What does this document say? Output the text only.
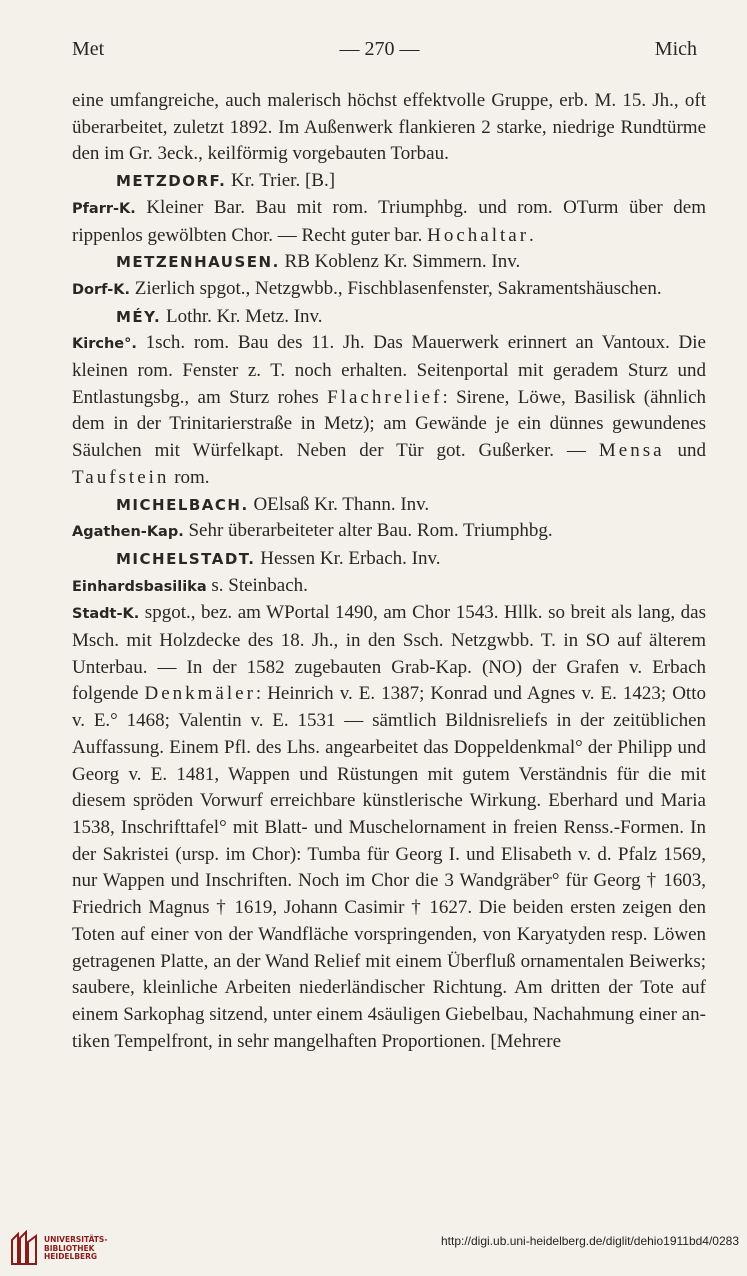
Met	— 270 —	Mich

eine umfangreiche, auch malerisch höchst effektvolle Gruppe, erb. M. 15. Jh., oft überarbeitet, zuletzt 1892. Im Außenwerk flankieren 2 starke, niedrige Rundtürme den im Gr. 3eck., keilförmig vorgebauten Torbau.

METZDORF. Kr. Trier. [B.]

Pfarr-K. Kleiner Bar. Bau mit rom. Triumphbg. und rom. OTurm über dem rippenlos gewölbten Chor. — Recht guter bar. Hochaltar.

METZENHAUSEN. RB Koblenz Kr. Simmern. Inv.

Dorf-K. Zierlich spgot., Netzgwbb., Fischblasenfenster, Sakramentshäuschen.

MÉY. Lothr. Kr. Metz. Inv.

Kirche°. 1sch. rom. Bau des 11. Jh. Das Mauerwerk erinnert an Vantoux. Die kleinen rom. Fenster z. T. noch erhalten. Seitenportal mit geradem Sturz und Entlastungsbg., am Sturz rohes Flachrelief: Sirene, Löwe, Basilisk (ähnlich dem in der Trinitarierstraße in Metz); am Gewände je ein dünnes gewundenes Säulchen mit Würfelkapt. Neben der Tür got. Gußerker. — Mensa und Taufstein rom.

MICHELBACH. OElsaß Kr. Thann. Inv.

Agathen-Kap. Sehr überarbeiteter alter Bau. Rom. Triumphbg.

MICHELSTADT. Hessen Kr. Erbach. Inv.

Einhardsbasilika s. Steinbach.

Stadt-K. spgot., bez. am WPortal 1490, am Chor 1543. Hllk. so breit als lang, das Msch. mit Holzdecke des 18. Jh., in den Ssch. Netzgwbb. T. in SO auf älterem Unterbau. — In der 1582 zugebauten Grab-Kap. (NO) der Grafen v. Erbach folgende Denkmäler: Heinrich v. E. 1387; Konrad und Agnes v. E. 1423; Otto v. E.° 1468; Valentin v. E. 1531 — sämtlich Bildnisreliefs in der zeitüblichen Auffassung. Einem Pfl. des Lhs. angearbeitet das Doppeldenkmal° der Philipp und Georg v. E. 1481, Wappen und Rüstungen mit gutem Verständnis für die mit diesem spröden Vorwurf erreichbare künstlerische Wirkung. Eberhard und Maria 1538, Inschrifttafel° mit Blatt- und Muschelornament in freien Renss.-Formen. In der Sakristei (ursp. im Chor): Tumba für Georg I. und Elisabeth v. d. Pfalz 1569, nur Wappen und Inschriften. Noch im Chor die 3 Wandgräber° für Georg † 1603, Friedrich Magnus † 1619, Johann Casimir † 1627. Die beiden ersten zeigen den Toten auf einer von der Wandfläche vorspringenden, von Karyatyden resp. Löwen getragenen Platte, an der Wand Relief mit einem Überfluß ornamentalen Beiwerks; saubere, kleinliche Arbeiten niederländischer Richtung. Am dritten der Tote auf einem Sarkophag sitzend, unter einem 4säuligen Giebelbau, Nachahmung einer antiken Tempelfront, in sehr mangelhaften Proportionen. [Mehrere

UNIVERSITÄTS-
BIBLIOTHEK
HEIDELBERG
http://digi.ub.uni-heidelberg.de/diglit/dehio1911bd4/0283
